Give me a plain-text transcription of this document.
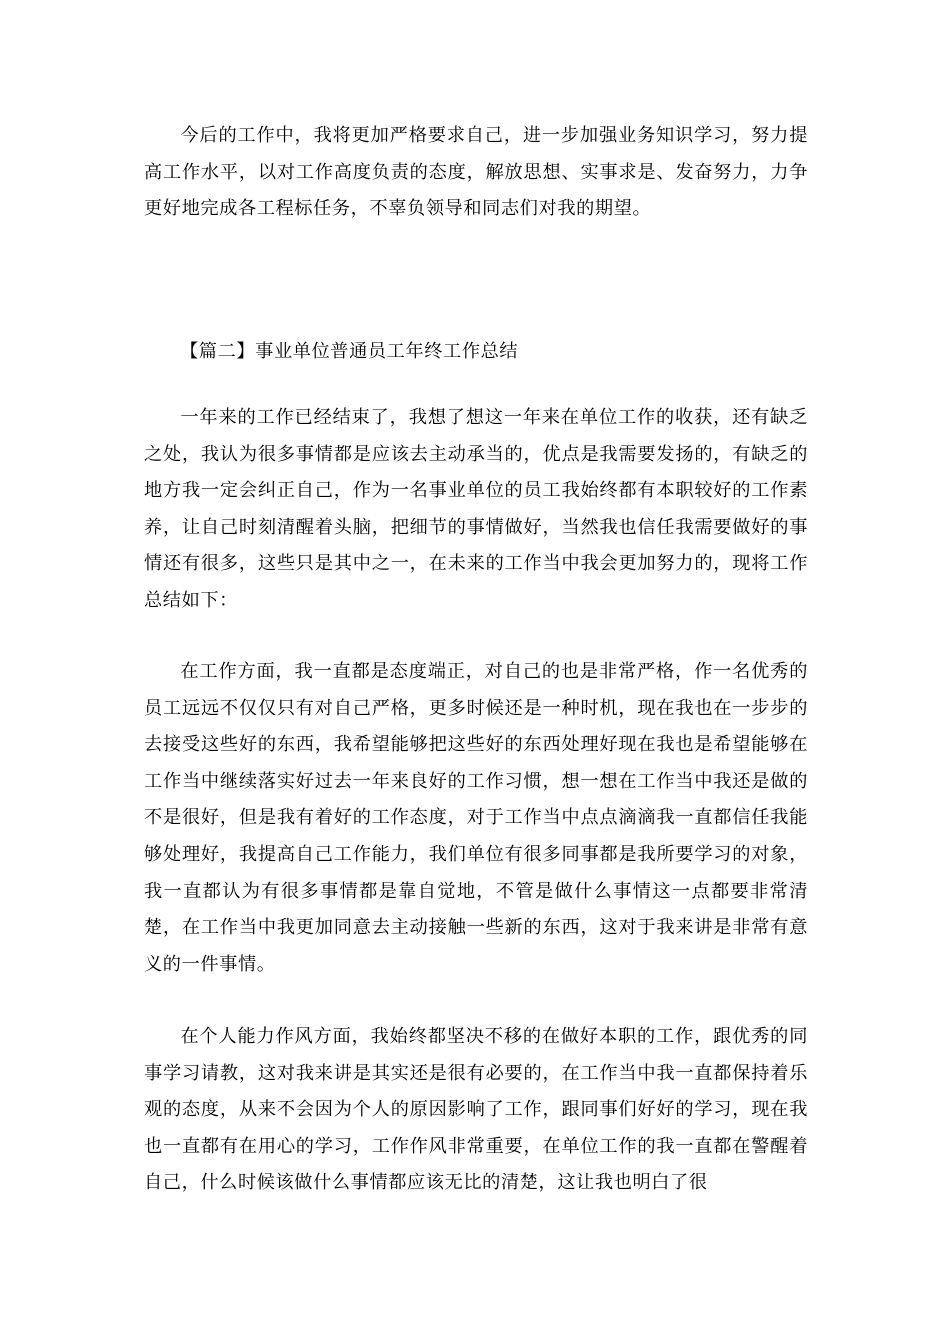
今后的工作中，我将更加严格要求自己，进一步加强业务知识学习，努力提高工作水平，以对工作高度负责的态度，解放思想、实事求是、发奋努力，力争更好地完成各工程标任务，不辜负领导和同志们对我的期望。

【篇二】事业单位普通员工年终工作总结

一年来的工作已经结束了，我想了想这一年来在单位工作的收获，还有缺乏之处，我认为很多事情都是应该去主动承当的，优点是我需要发扬的，有缺乏的地方我一定会纠正自己，作为一名事业单位的员工我始终都有本职较好的工作素养，让自己时刻清醒着头脑，把细节的事情做好，当然我也信任我需要做好的事情还有很多，这些只是其中之一，在未来的工作当中我会更加努力的，现将工作总结如下：

在工作方面，我一直都是态度端正，对自己的也是非常严格，作一名优秀的员工远远不仅仅只有对自己严格，更多时候还是一种时机，现在我也在一步步的去接受这些好的东西，我希望能够把这些好的东西处理好现在我也是希望能够在工作当中继续落实好过去一年来良好的工作习惯，想一想在工作当中我还是做的不是很好，但是我有着好的工作态度，对于工作当中点点滴滴我一直都信任我能够处理好，我提高自己工作能力，我们单位有很多同事都是我所要学习的对象，我一直都认为有很多事情都是靠自觉地，不管是做什么事情这一点都要非常清楚，在工作当中我更加同意去主动接触一些新的东西，这对于我来讲是非常有意义的一件事情。

在个人能力作风方面，我始终都坚决不移的在做好本职的工作，跟优秀的同事学习请教，这对我来讲是其实还是很有必要的，在工作当中我一直都保持着乐观的态度，从来不会因为个人的原因影响了工作，跟同事们好好的学习，现在我也一直都有在用心的学习，工作作风非常重要，在单位工作的我一直都在警醒着自己，什么时候该做什么事情都应该无比的清楚，这让我也明白了很
